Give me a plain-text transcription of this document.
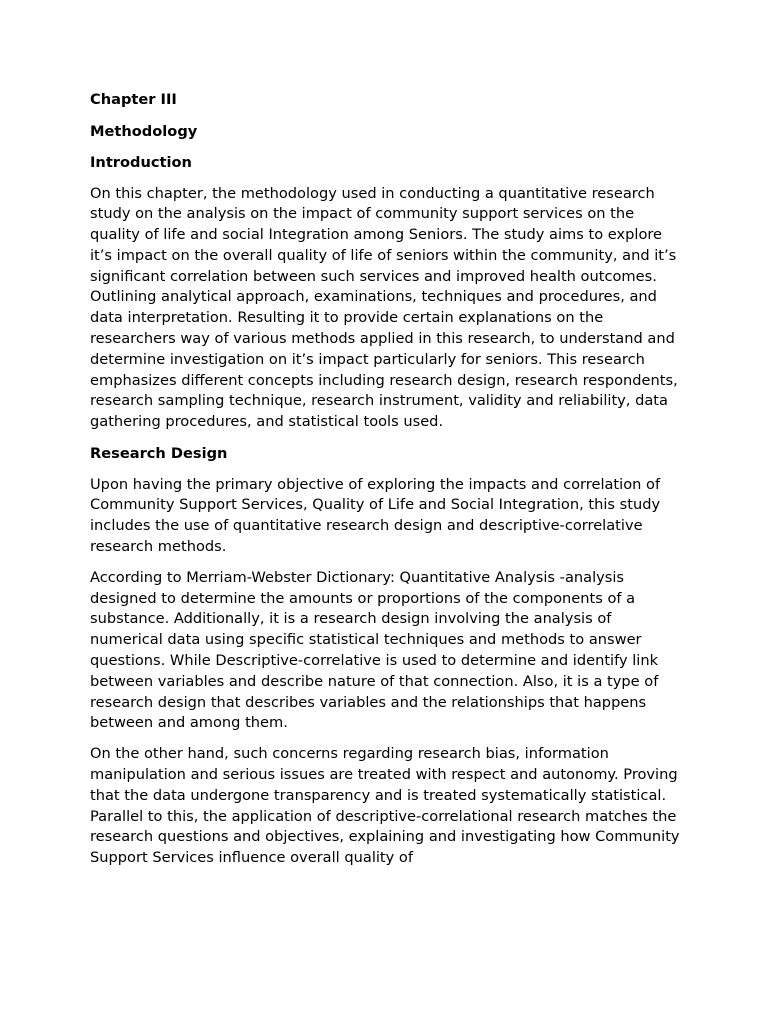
Chapter III
Methodology
Introduction

On this chapter, the methodology used in conducting a quantitative research study on the analysis on the impact of community support services on the quality of life and social Integration among Seniors. The study aims to explore it’s impact on the overall quality of life of seniors within the community, and it’s significant correlation between such services and improved health outcomes. Outlining analytical approach, examinations, techniques and procedures, and data interpretation. Resulting it to provide certain explanations on the researchers way of various methods applied in this research, to understand and determine investigation on it’s impact particularly for seniors. This research emphasizes different concepts including research design, research respondents, research sampling technique, research instrument, validity and reliability, data gathering procedures, and statistical tools used.

Research Design

Upon having the primary objective of exploring the impacts and correlation of Community Support Services, Quality of Life and Social Integration, this study includes the use of quantitative research design and descriptive-correlative research methods.

According to Merriam-Webster Dictionary: Quantitative Analysis -analysis designed to determine the amounts or proportions of the components of a substance. Additionally, it is a research design involving the analysis of numerical data using specific statistical techniques and methods to answer questions. While Descriptive-correlative is used to determine and identify link between variables and describe nature of that connection. Also, it is a type of research design that describes variables and the relationships that happens between and among them.

On the other hand, such concerns regarding research bias, information manipulation and serious issues are treated with respect and autonomy. Proving that the data undergone transparency and is treated systematically statistical. Parallel to this, the application of descriptive-correlational research matches the research questions and objectives, explaining and investigating how Community Support Services influence overall quality of
